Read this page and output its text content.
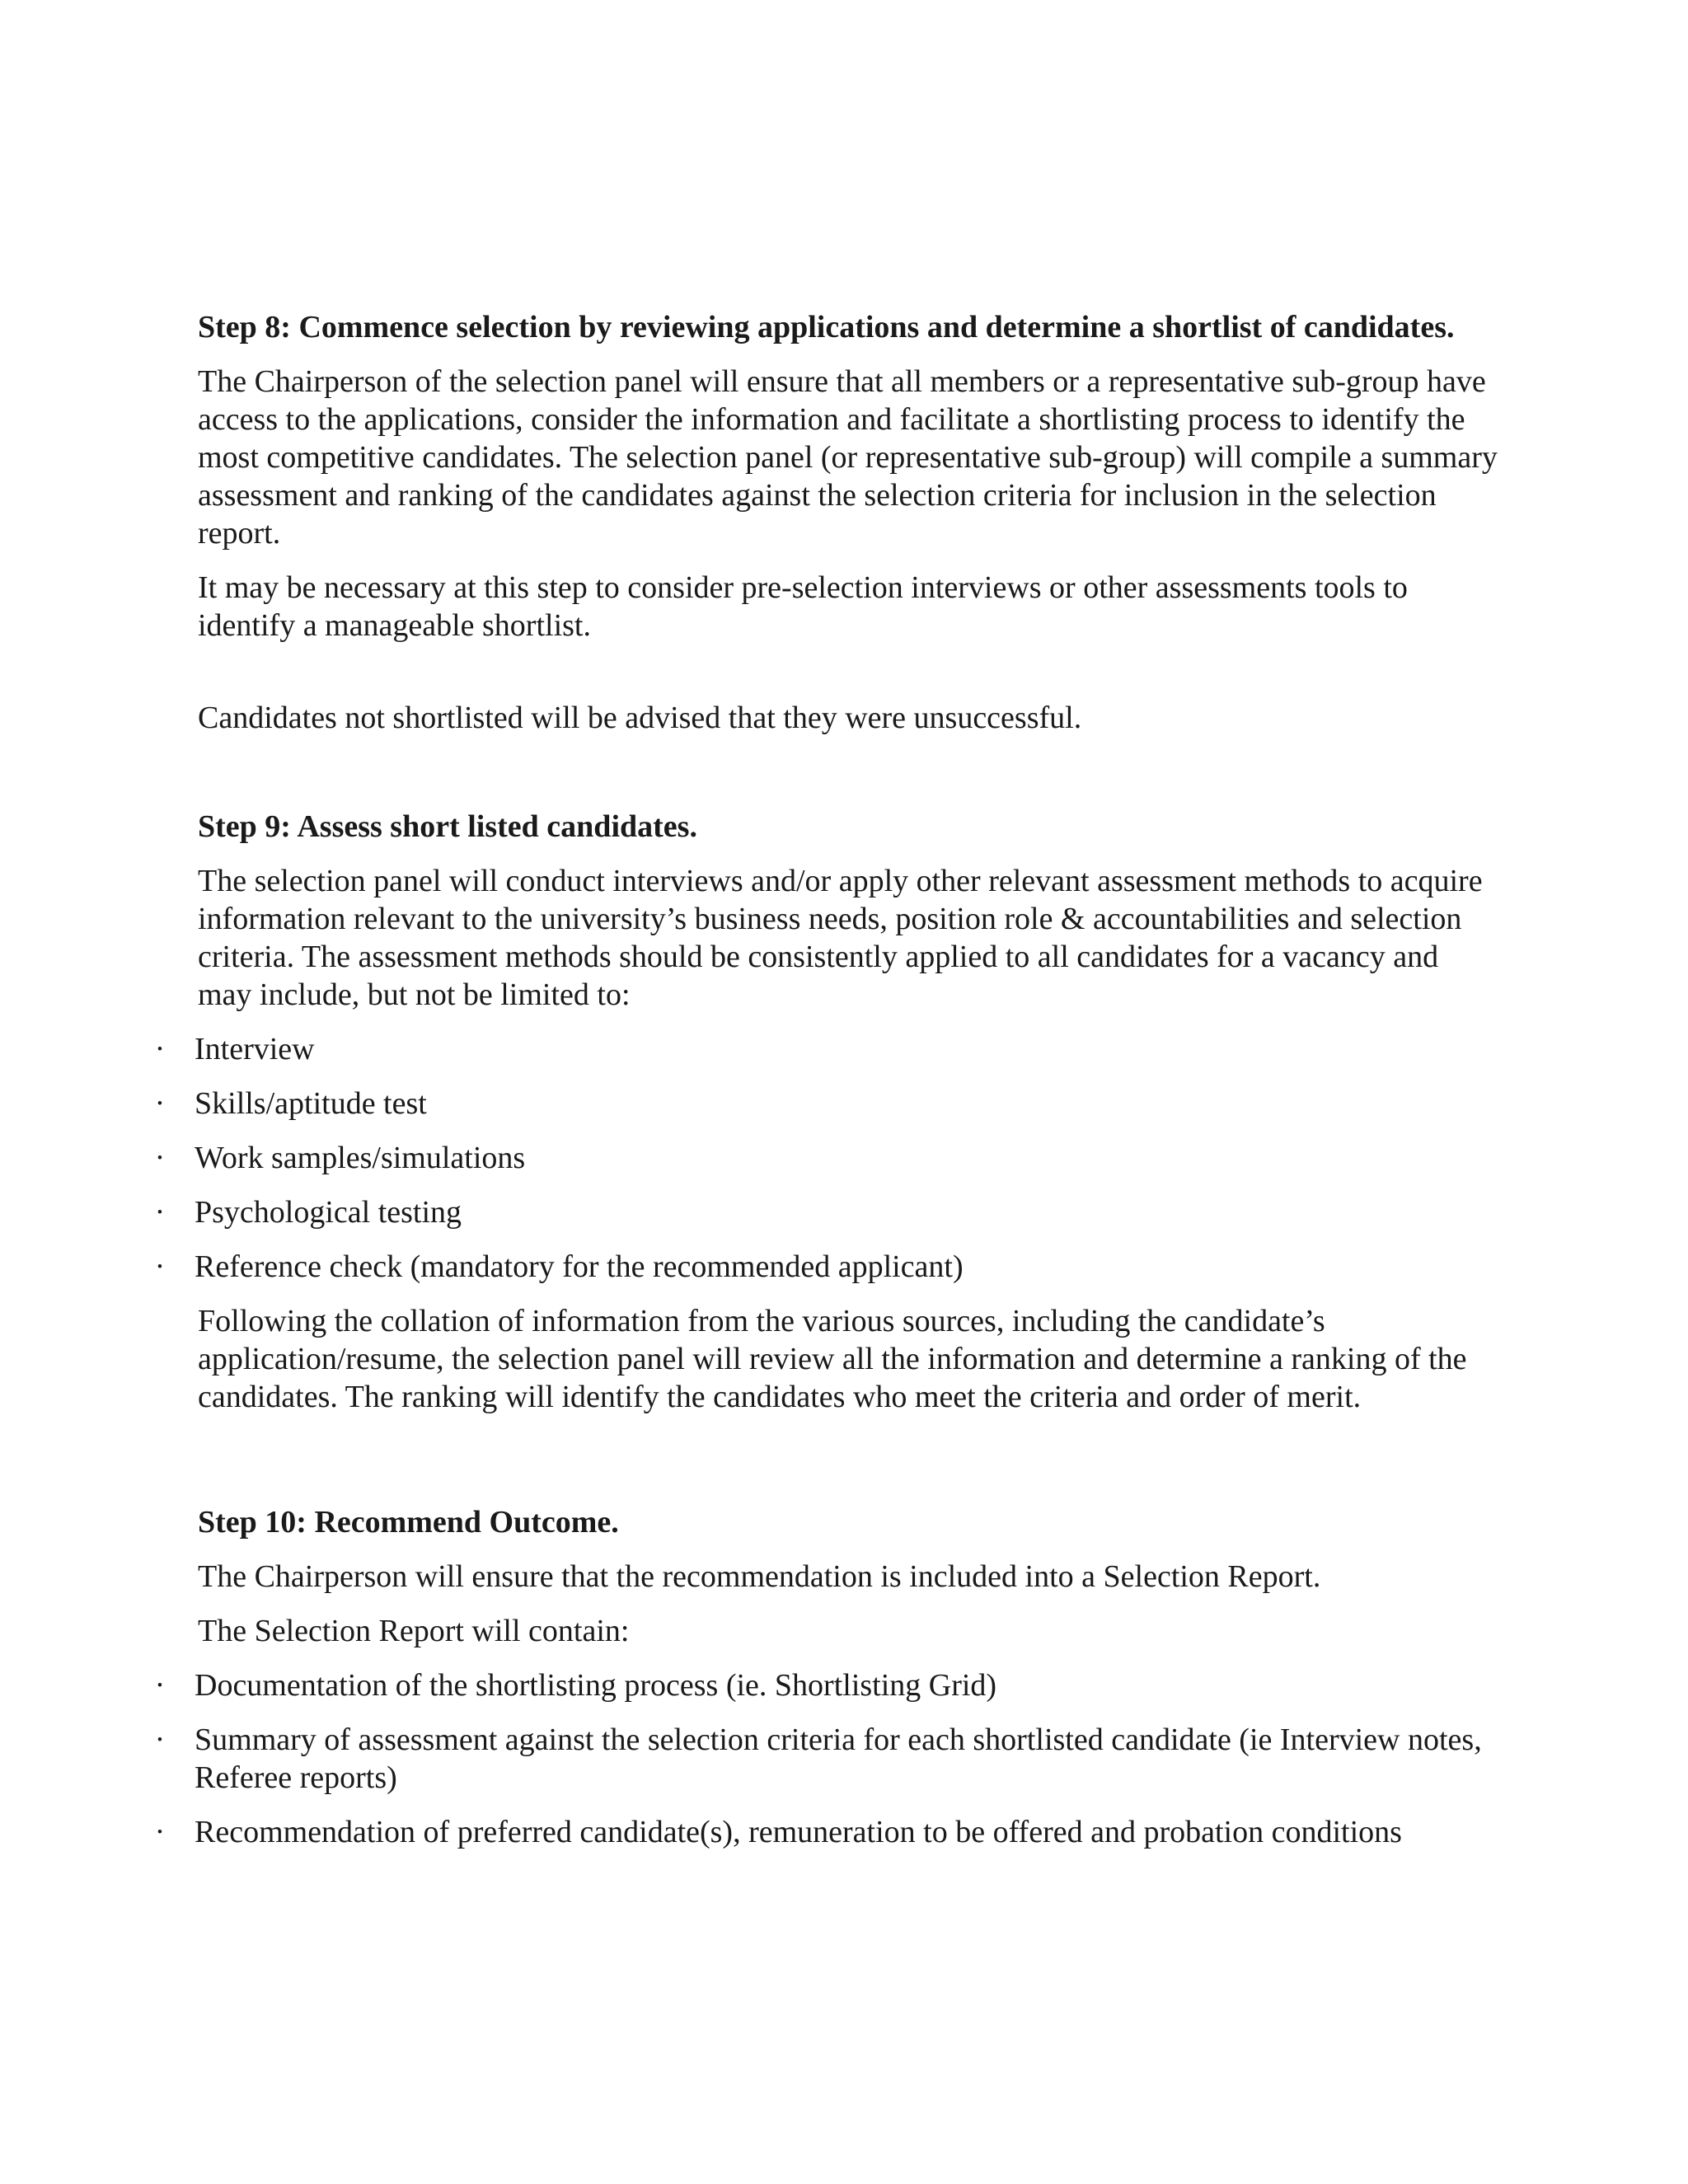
Step 8: Commence selection by reviewing applications and determine a shortlist of candidates.

The Chairperson of the selection panel will ensure that all members or a representative sub-group have access to the applications, consider the information and facilitate a shortlisting process to identify the most competitive candidates. The selection panel (or representative sub-group) will compile a summary assessment and ranking of the candidates against the selection criteria for inclusion in the selection report.

It may be necessary at this step to consider pre-selection interviews or other assessments tools to identify a manageable shortlist.

Candidates not shortlisted will be advised that they were unsuccessful.

Step 9: Assess short listed candidates.

The selection panel will conduct interviews and/or apply other relevant assessment methods to acquire information relevant to the university’s business needs, position role & accountabilities and selection criteria. The assessment methods should be consistently applied to all candidates for a vacancy and may include, but not be limited to:

· Interview
· Skills/aptitude test
· Work samples/simulations
· Psychological testing
· Reference check (mandatory for the recommended applicant)

Following the collation of information from the various sources, including the candidate’s application/resume, the selection panel will review all the information and determine a ranking of the candidates. The ranking will identify the candidates who meet the criteria and order of merit.

Step 10: Recommend Outcome.

The Chairperson will ensure that the recommendation is included into a Selection Report.

The Selection Report will contain:

· Documentation of the shortlisting process (ie. Shortlisting Grid)
· Summary of assessment against the selection criteria for each shortlisted candidate (ie Interview notes, Referee reports)
· Recommendation of preferred candidate(s), remuneration to be offered and probation conditions
